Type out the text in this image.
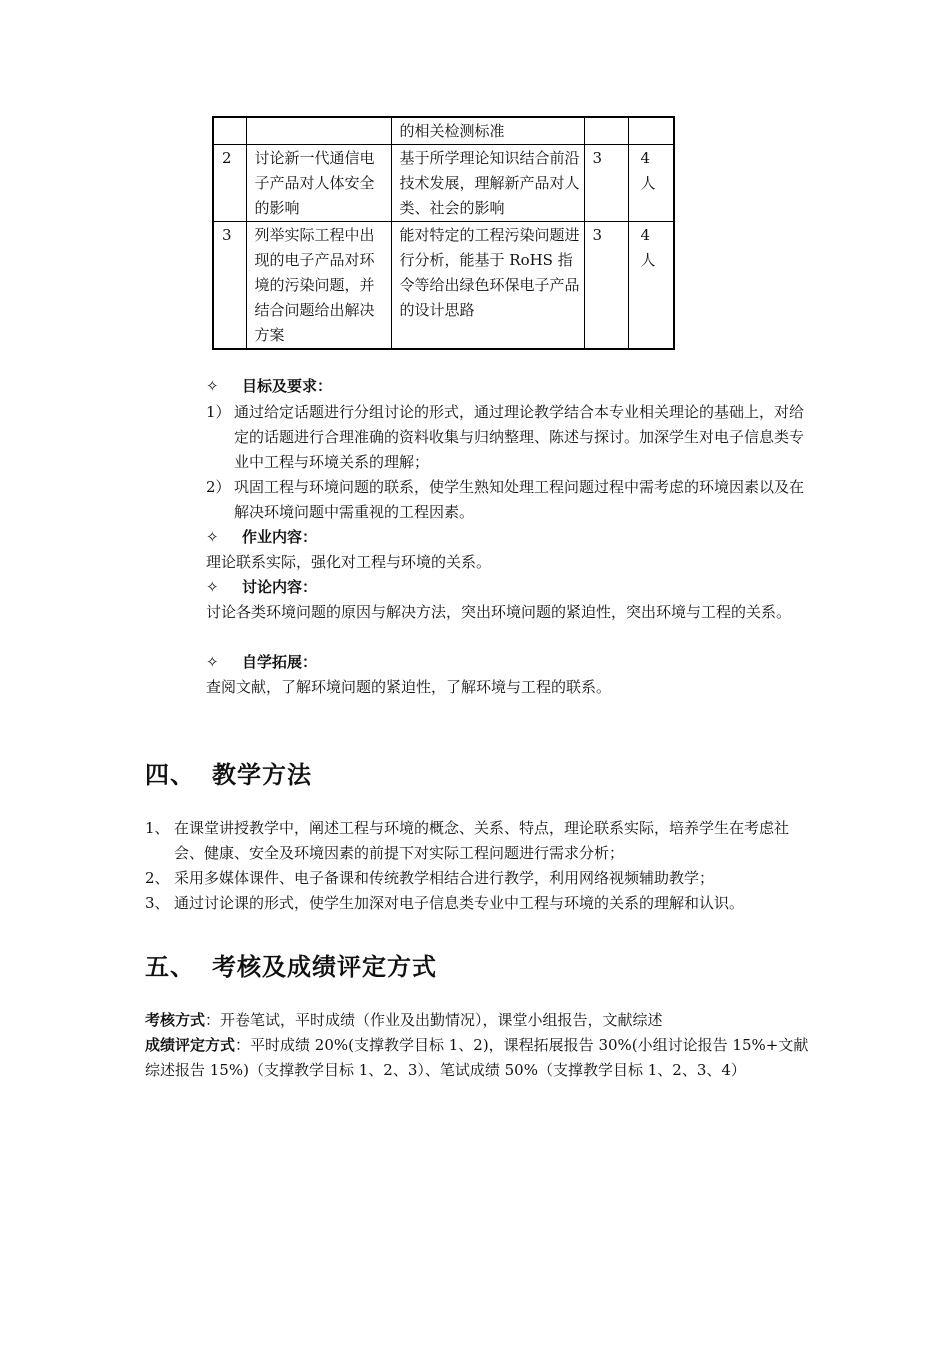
		的相关检测标准		
2	讨论新一代通信电子产品对人体安全的影响	基于所学理论知识结合前沿技术发展，理解新产品对人类、社会的影响	3	4 人
3	列举实际工程中出现的电子产品对环境的污染问题，并结合问题给出解决方案	能对特定的工程污染问题进行分析，能基于 RoHS 指令等给出绿色环保电子产品的设计思路	3	4 人
✧ 目标及要求：
1） 通过给定话题进行分组讨论的形式，通过理论教学结合本专业相关理论的基础上，对给定的话题进行合理准确的资料收集与归纳整理、陈述与探讨。加深学生对电子信息类专业中工程与环境关系的理解；
2） 巩固工程与环境问题的联系，使学生熟知处理工程问题过程中需考虑的环境因素以及在解决环境问题中需重视的工程因素。
✧ 作业内容：
理论联系实际，强化对工程与环境的关系。
✧ 讨论内容：
讨论各类环境问题的原因与解决方法，突出环境问题的紧迫性，突出环境与工程的关系。
✧ 自学拓展：
查阅文献，了解环境问题的紧迫性，了解环境与工程的联系。
四、 教学方法
1、 在课堂讲授教学中，阐述工程与环境的概念、关系、特点，理论联系实际，培养学生在考虑社会、健康、安全及环境因素的前提下对实际工程问题进行需求分析；
2、 采用多媒体课件、电子备课和传统教学相结合进行教学，利用网络视频辅助教学；
3、 通过讨论课的形式，使学生加深对电子信息类专业中工程与环境的关系的理解和认识。
五、 考核及成绩评定方式
考核方式：开卷笔试，平时成绩（作业及出勤情况），课堂小组报告，文献综述
成绩评定方式：平时成绩 20%(支撑教学目标 1、2)，课程拓展报告 30%(小组讨论报告 15%+文献综述报告 15%)（支撑教学目标 1、2、3）、笔试成绩 50%（支撑教学目标 1、2、3、4）
